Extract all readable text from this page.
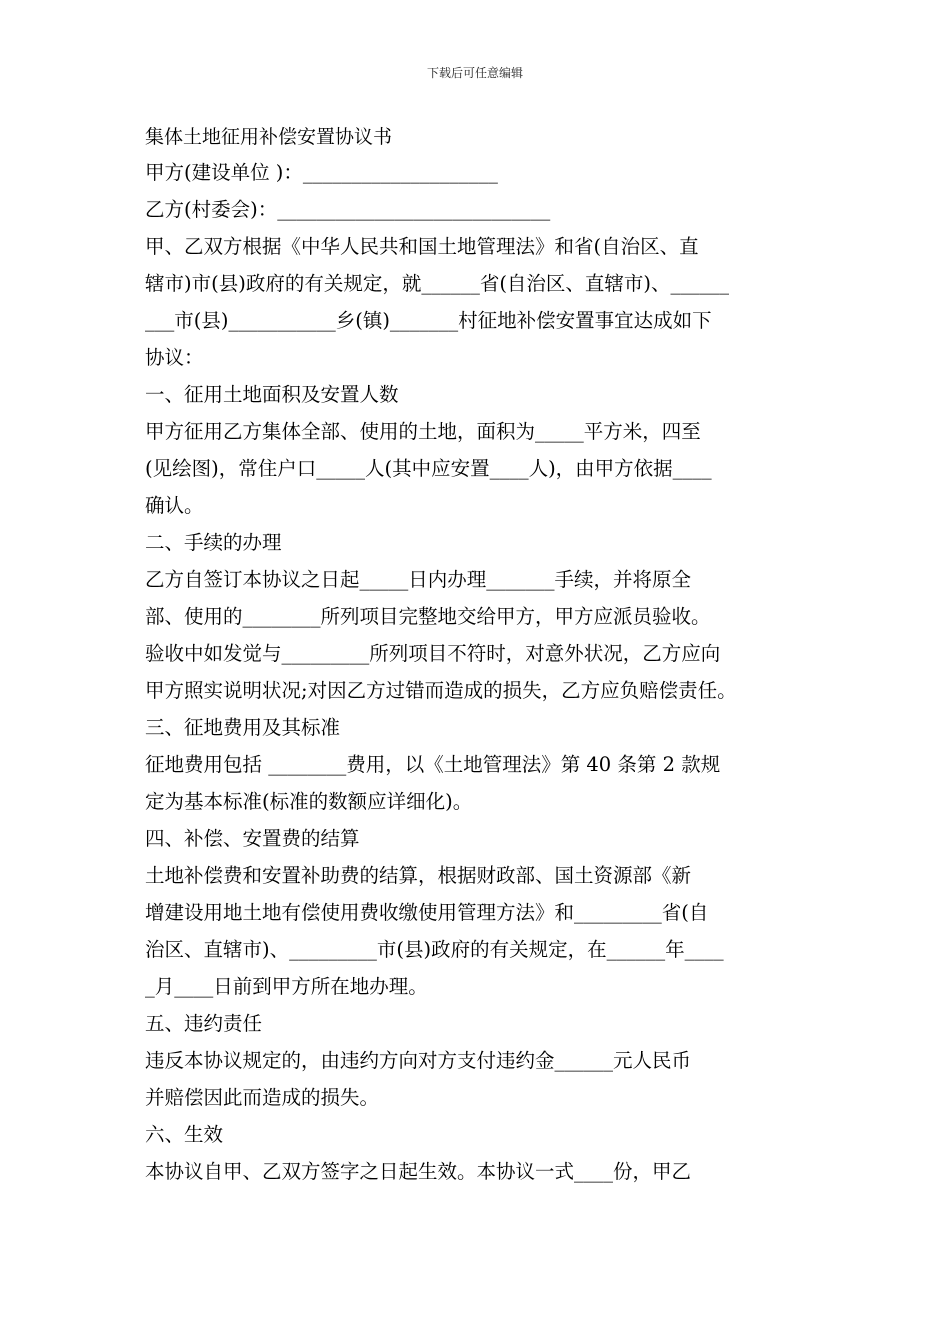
下载后可任意编辑
集体土地征用补偿安置协议书
甲方(建设单位 )：____________________
乙方(村委会)：____________________________
甲、乙双方根据《中华人民共和国土地管理法》和省(自治区、直
辖市)市(县)政府的有关规定，就______省(自治区、直辖市)、______
___市(县)___________乡(镇)_______村征地补偿安置事宜达成如下
协议：
一、征用土地面积及安置人数
甲方征用乙方集体全部、使用的土地，面积为_____平方米，四至
(见绘图)，常住户口_____人(其中应安置____人)，由甲方依据____
确认。
二、手续的办理
乙方自签订本协议之日起_____日内办理_______手续，并将原全
部、使用的________所列项目完整地交给甲方，甲方应派员验收。
验收中如发觉与_________所列项目不符时，对意外状况，乙方应向
甲方照实说明状况;对因乙方过错而造成的损失，乙方应负赔偿责任。
三、征地费用及其标准
征地费用包括 ________费用，以《土地管理法》第 40 条第 2 款规
定为基本标准(标准的数额应详细化)。
四、补偿、安置费的结算
土地补偿费和安置补助费的结算，根据财政部、国土资源部《新
增建设用地土地有偿使用费收缴使用管理方法》和_________省(自
治区、直辖市)、_________市(县)政府的有关规定，在______年____
_月____日前到甲方所在地办理。
五、违约责任
违反本协议规定的，由违约方向对方支付违约金______元人民币
并赔偿因此而造成的损失。
六、生效
本协议自甲、乙双方签字之日起生效。本协议一式____份，甲乙
